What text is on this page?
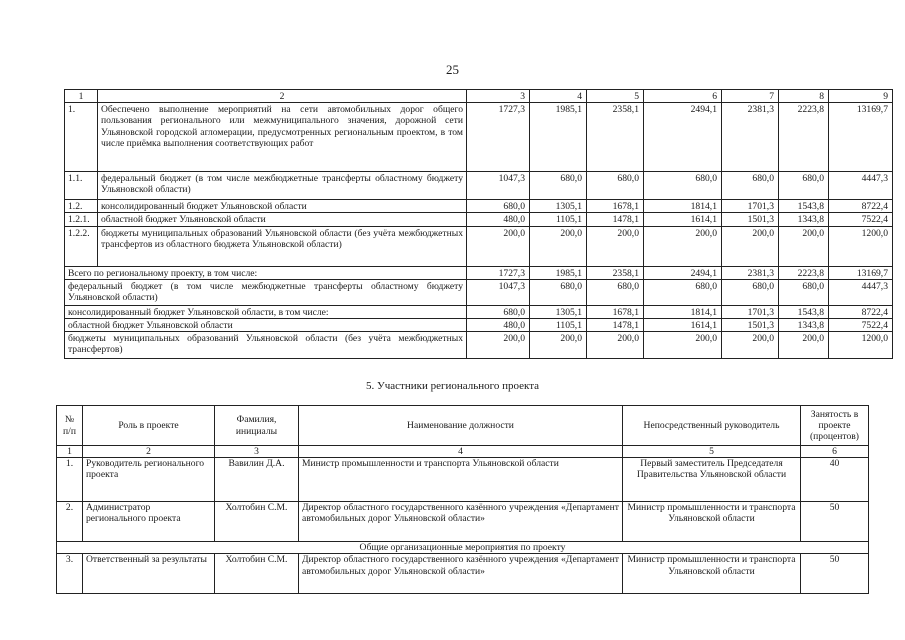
25
1	2	3	4	5	6	7	8	9
1.	Обеспечено выполнение мероприятий на сети автомобильных дорог общего пользования регионального или межмуниципального значения, дорожной сети Ульяновской городской агломерации, предусмотренных региональным проектом, в том числе приёмка выполнения соответствующих работ	1727,3	1985,1	2358,1	2494,1	2381,3	2223,8	13169,7
1.1.	федеральный бюджет (в том числе межбюджетные трансферты областному бюджету Ульяновской области)	1047,3	680,0	680,0	680,0	680,0	680,0	4447,3
1.2.	консолидированный бюджет Ульяновской области	680,0	1305,1	1678,1	1814,1	1701,3	1543,8	8722,4
1.2.1.	областной бюджет Ульяновской области	480,0	1105,1	1478,1	1614,1	1501,3	1343,8	7522,4
1.2.2.	бюджеты муниципальных образований Ульяновской области (без учёта межбюджетных трансфертов из областного бюджета Ульяновской области)	200,0	200,0	200,0	200,0	200,0	200,0	1200,0
Всего по региональному проекту, в том числе:		1727,3	1985,1	2358,1	2494,1	2381,3	2223,8	13169,7
федеральный бюджет (в том числе межбюджетные трансферты областному бюджету Ульяновской области)		1047,3	680,0	680,0	680,0	680,0	680,0	4447,3
консолидированный бюджет Ульяновской области, в том числе:		680,0	1305,1	1678,1	1814,1	1701,3	1543,8	8722,4
областной бюджет Ульяновской области		480,0	1105,1	1478,1	1614,1	1501,3	1343,8	7522,4
бюджеты муниципальных образований Ульяновской области (без учёта межбюджетных трансфертов)		200,0	200,0	200,0	200,0	200,0	200,0	1200,0
5. Участники регионального проекта
№ п/п	Роль в проекте	Фамилия, инициалы	Наименование должности	Непосредственный руководитель	Занятость в проекте (процентов)
1	2	3	4	5	6
1.	Руководитель регионального проекта	Вавилин Д.А.	Министр промышленности и транспорта Ульяновской области	Первый заместитель Председателя Правительства Ульяновской области	40
2.	Администратор регионального проекта	Холтобин С.М.	Директор областного государственного казённого учреждения «Департамент автомобильных дорог Ульяновской области»	Министр промышленности и транспорта Ульяновской области	50
Общие организационные мероприятия по проекту					
3.	Ответственный за результаты	Холтобин С.М.	Директор областного государственного казённого учреждения «Департамент автомобильных дорог Ульяновской области»	Министр промышленности и транспорта Ульяновской области	50
